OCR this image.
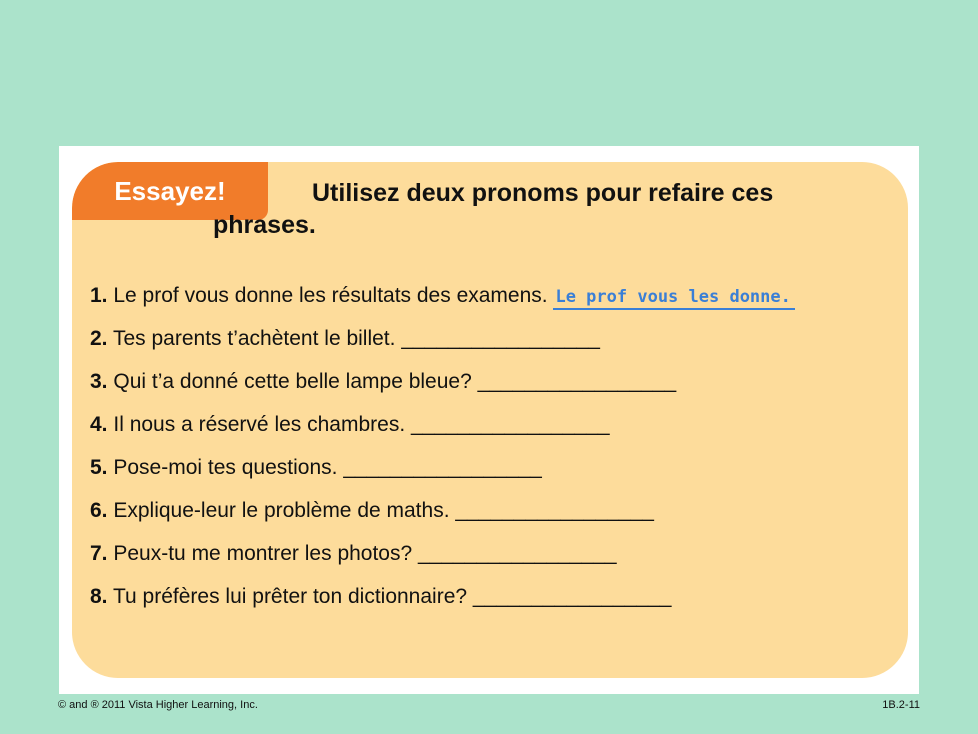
Essayez!	Utilisez deux pronoms pour refaire ces phrases.

1. Le prof vous donne les résultats des examens. Le prof vous les donne.
2. Tes parents t’achètent le billet. _________________
3. Qui t’a donné cette belle lampe bleue? _________________
4. Il nous a réservé les chambres. _________________
5. Pose-moi tes questions. _________________
6. Explique-leur le problème de maths. _________________
7. Peux-tu me montrer les photos? _________________
8. Tu préfères lui prêter ton dictionnaire? _________________
© and ® 2011 Vista Higher Learning, Inc.	1B.2-11
